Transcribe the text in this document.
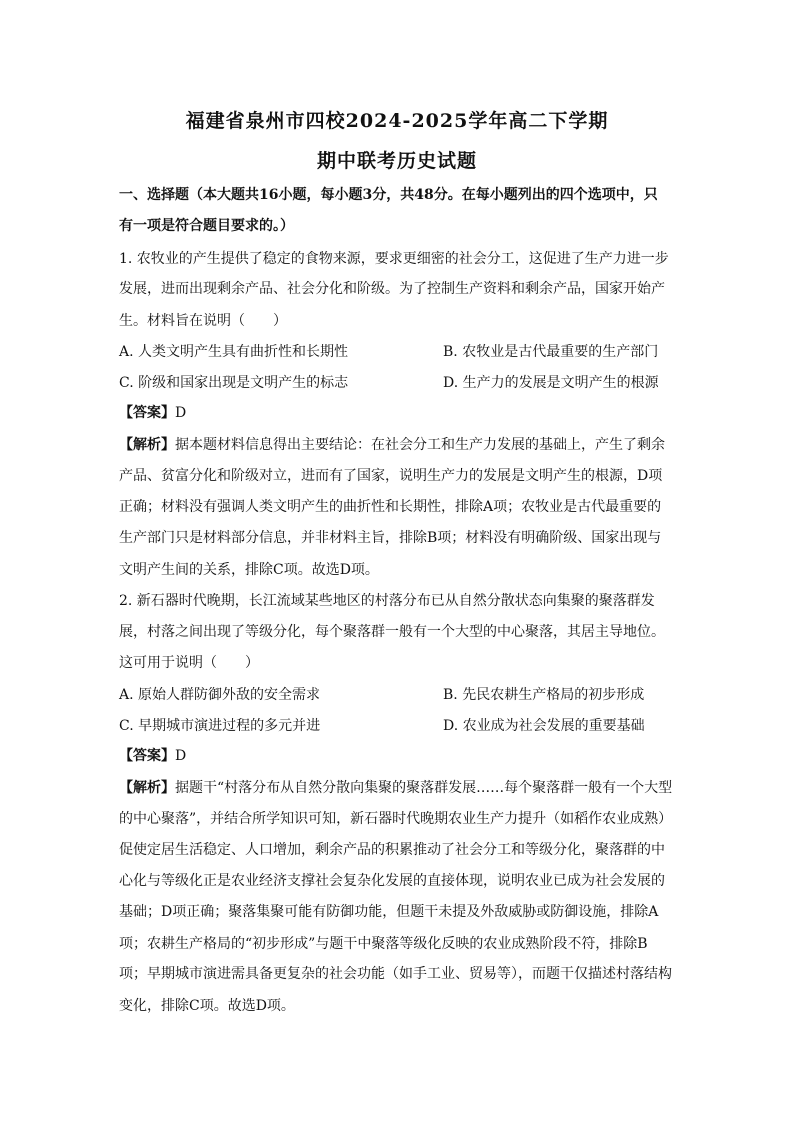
福建省泉州市四校2024-2025学年高二下学期
期中联考历史试题
一、选择题（本大题共16小题，每小题3分，共48分。在每小题列出的四个选项中，只
有一项是符合题目要求的。）
1. 农牧业的产生提供了稳定的食物来源，要求更细密的社会分工，这促进了生产力进一步
发展，进而出现剩余产品、社会分化和阶级。为了控制生产资料和剩余产品，国家开始产
生。材料旨在说明（　　）
A. 人类文明产生具有曲折性和长期性	B. 农牧业是古代最重要的生产部门
C. 阶级和国家出现是文明产生的标志	D. 生产力的发展是文明产生的根源
【答案】D
【解析】据本题材料信息得出主要结论：在社会分工和生产力发展的基础上，产生了剩余
产品、贫富分化和阶级对立，进而有了国家，说明生产力的发展是文明产生的根源，D项
正确；材料没有强调人类文明产生的曲折性和长期性，排除A项；农牧业是古代最重要的
生产部门只是材料部分信息，并非材料主旨，排除B项；材料没有明确阶级、国家出现与
文明产生间的关系，排除C项。故选D项。
2. 新石器时代晚期，长江流域某些地区的村落分布已从自然分散状态向集聚的聚落群发
展，村落之间出现了等级分化，每个聚落群一般有一个大型的中心聚落，其居主导地位。
这可用于说明（　　）
A. 原始人群防御外敌的安全需求	B. 先民农耕生产格局的初步形成
C. 早期城市演进过程的多元并进	D. 农业成为社会发展的重要基础
【答案】D
【解析】据题干“村落分布从自然分散向集聚的聚落群发展……每个聚落群一般有一个大型
的中心聚落”，并结合所学知识可知，新石器时代晚期农业生产力提升（如稻作农业成熟）
促使定居生活稳定、人口增加，剩余产品的积累推动了社会分工和等级分化，聚落群的中
心化与等级化正是农业经济支撑社会复杂化发展的直接体现，说明农业已成为社会发展的
基础；D项正确；聚落集聚可能有防御功能，但题干未提及外敌威胁或防御设施，排除A
项；农耕生产格局的“初步形成”与题干中聚落等级化反映的农业成熟阶段不符，排除B
项；早期城市演进需具备更复杂的社会功能（如手工业、贸易等），而题干仅描述村落结构
变化，排除C项。故选D项。
